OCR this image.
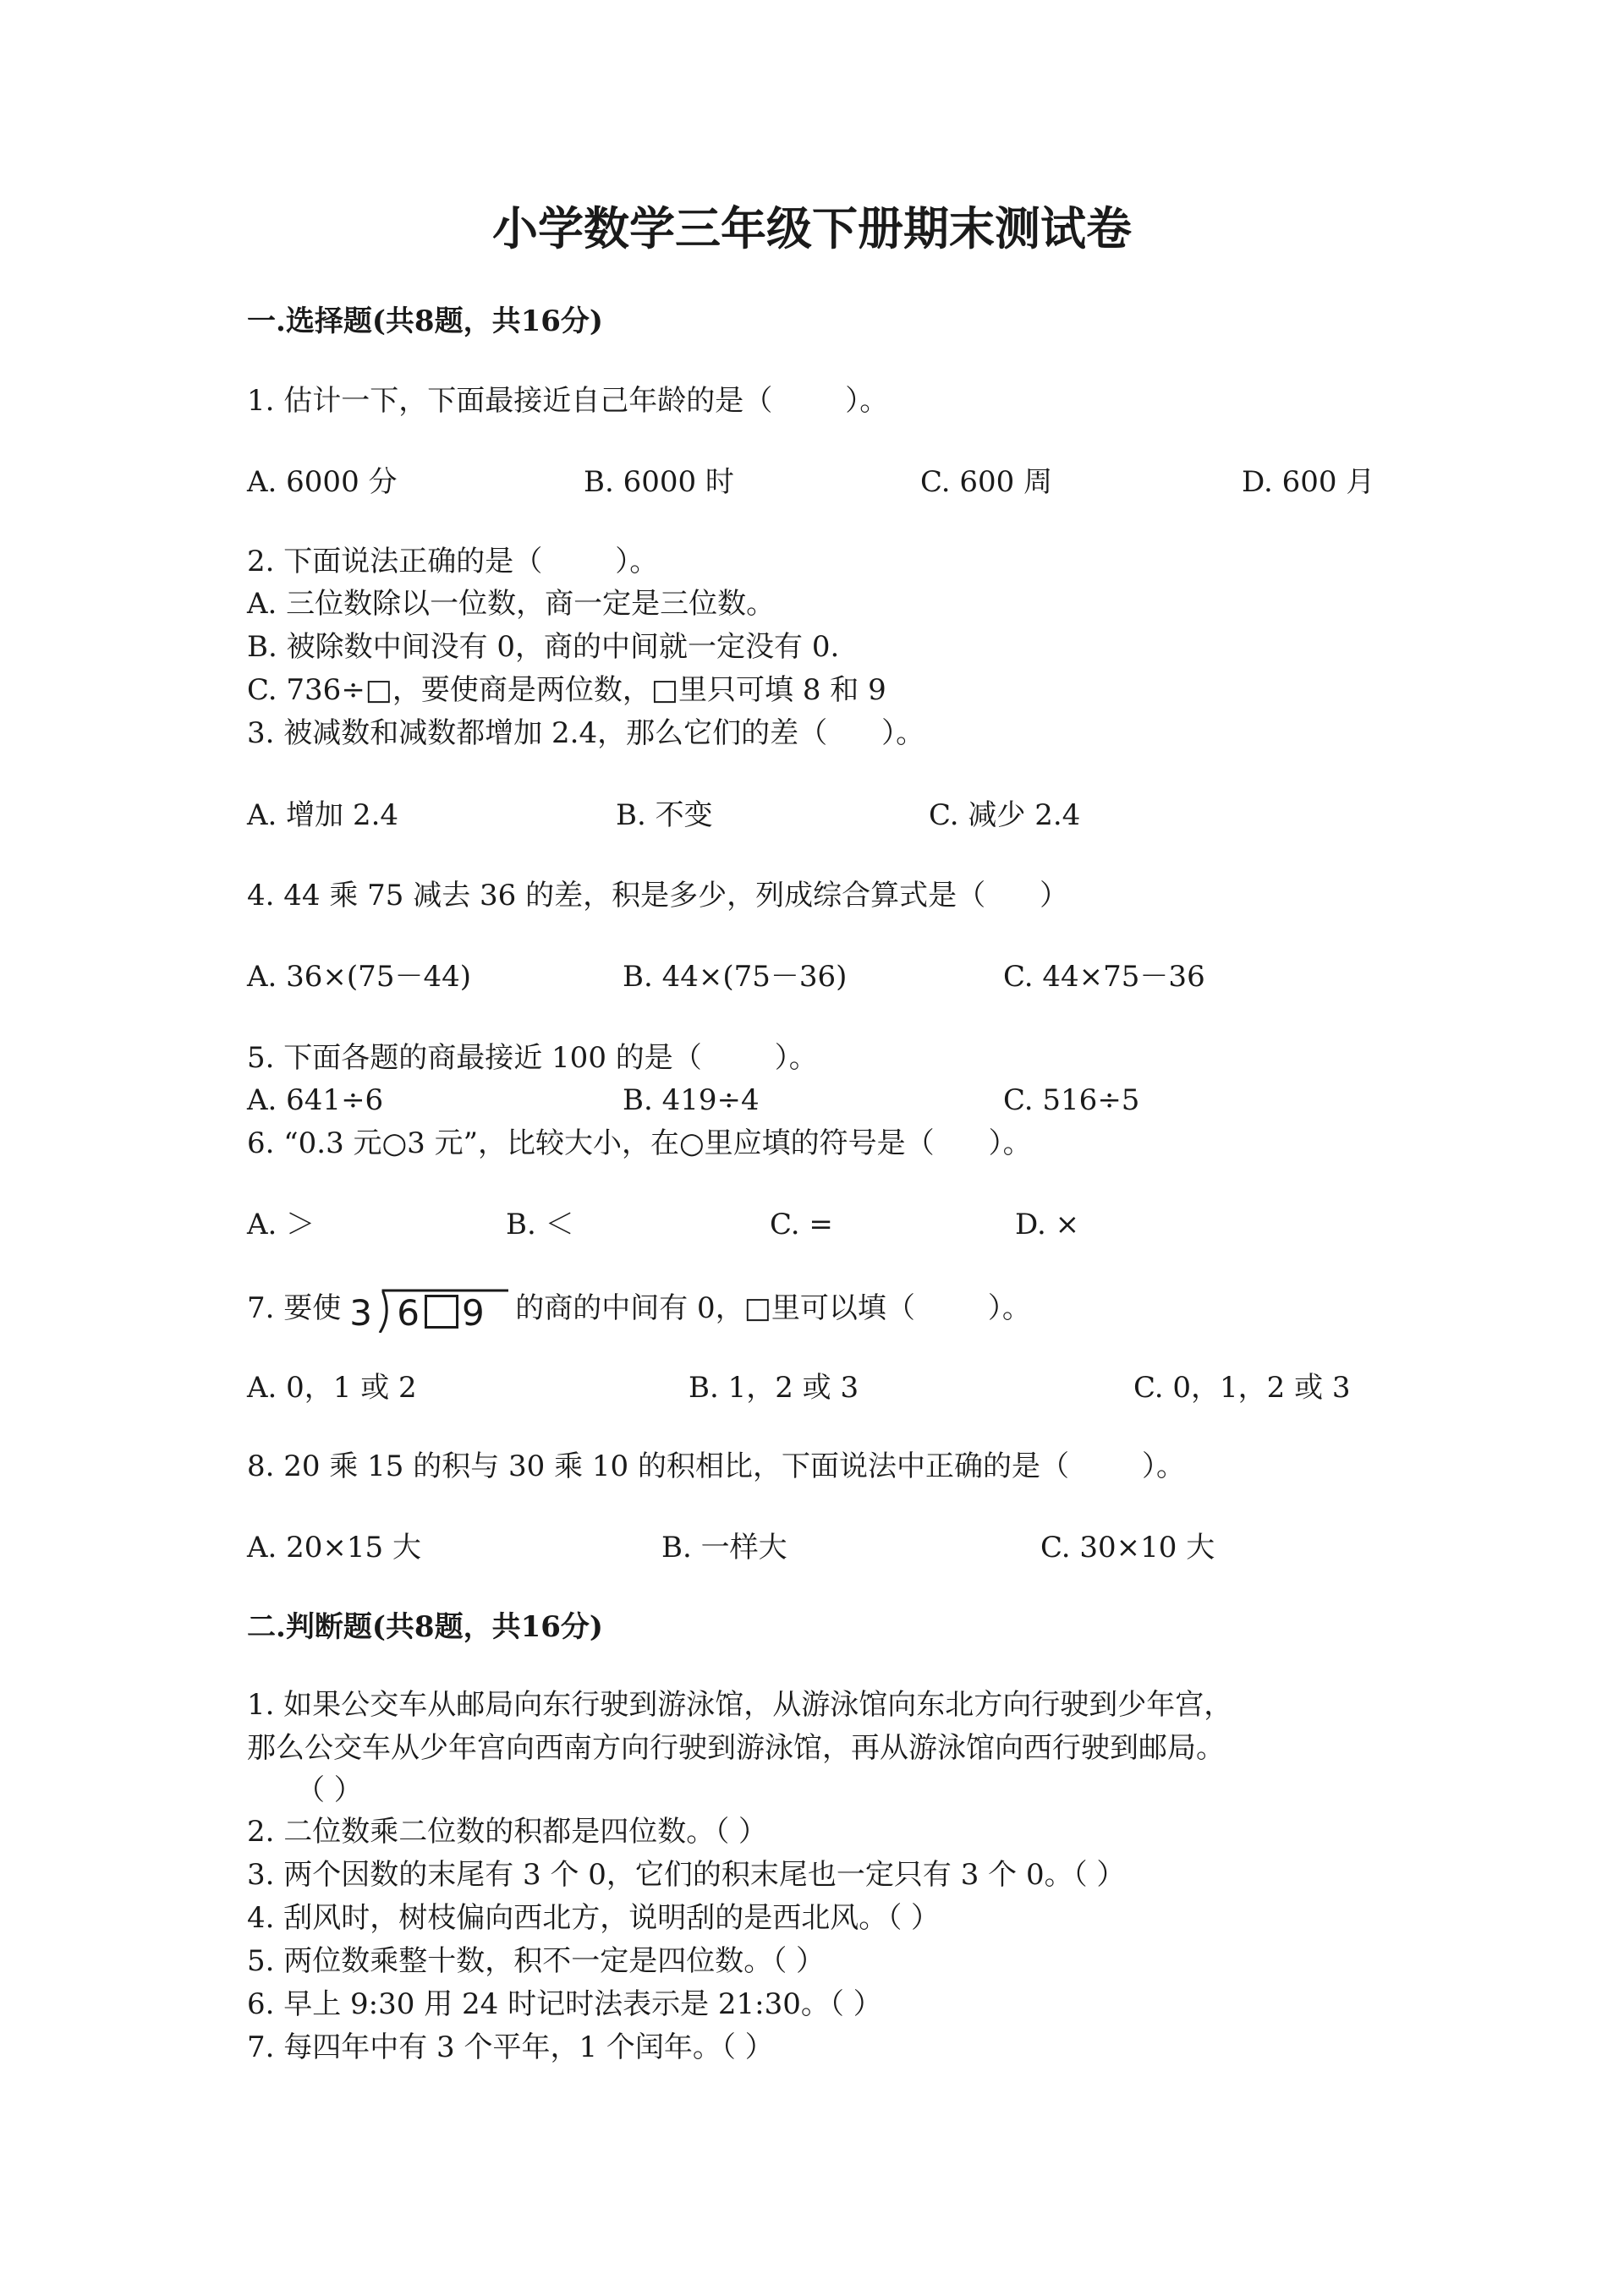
小学数学三年级下册期末测试卷
一.选择题(共8题，共16分)
1. 估计一下，下面最接近自己年龄的是（	）。
A. 6000 分	B. 6000 时	C. 600 周	D. 600 月
2. 下面说法正确的是（	）。
A. 三位数除以一位数，商一定是三位数。
B. 被除数中间没有 0，商的中间就一定没有 0.
C. 736÷□，要使商是两位数，□里只可填 8 和 9
3. 被减数和减数都增加 2.4，那么它们的差（ ）。
A. 增加 2.4	B. 不变	C. 减少 2.4
4. 44 乘 75 减去 36 的差，积是多少，列成综合算式是（ ）
A. 36×(75－44)	B. 44×(75－36)	C. 44×75－36
5. 下面各题的商最接近 100 的是（	）。
A. 641÷6	B. 419÷4	C. 516÷5
6. “0.3 元○3 元”，比较大小，在○里应填的符号是（ ）。
A. ＞	B. ＜	C. =	D. ×
7. 要使 3 6 9 的商的中间有 0，□里可以填（	）。
A. 0，1 或 2	B. 1，2 或 3	C. 0，1，2 或 3
8. 20 乘 15 的积与 30 乘 10 的积相比，下面说法中正确的是（	）。
A. 20×15 大	B. 一样大	C. 30×10 大
二.判断题(共8题，共16分)
1. 如果公交车从邮局向东行驶到游泳馆，从游泳馆向东北方向行驶到少年宫，
那么公交车从少年宫向西南方向行驶到游泳馆，再从游泳馆向西行驶到邮局。
（ ）
2. 二位数乘二位数的积都是四位数。（ ）
3. 两个因数的末尾有 3 个 0，它们的积末尾也一定只有 3 个 0。（ ）
4. 刮风时，树枝偏向西北方，说明刮的是西北风。（ ）
5. 两位数乘整十数，积不一定是四位数。（ ）
6. 早上 9:30 用 24 时记时法表示是 21:30。（ ）
7. 每四年中有 3 个平年，1 个闰年。（ ）
